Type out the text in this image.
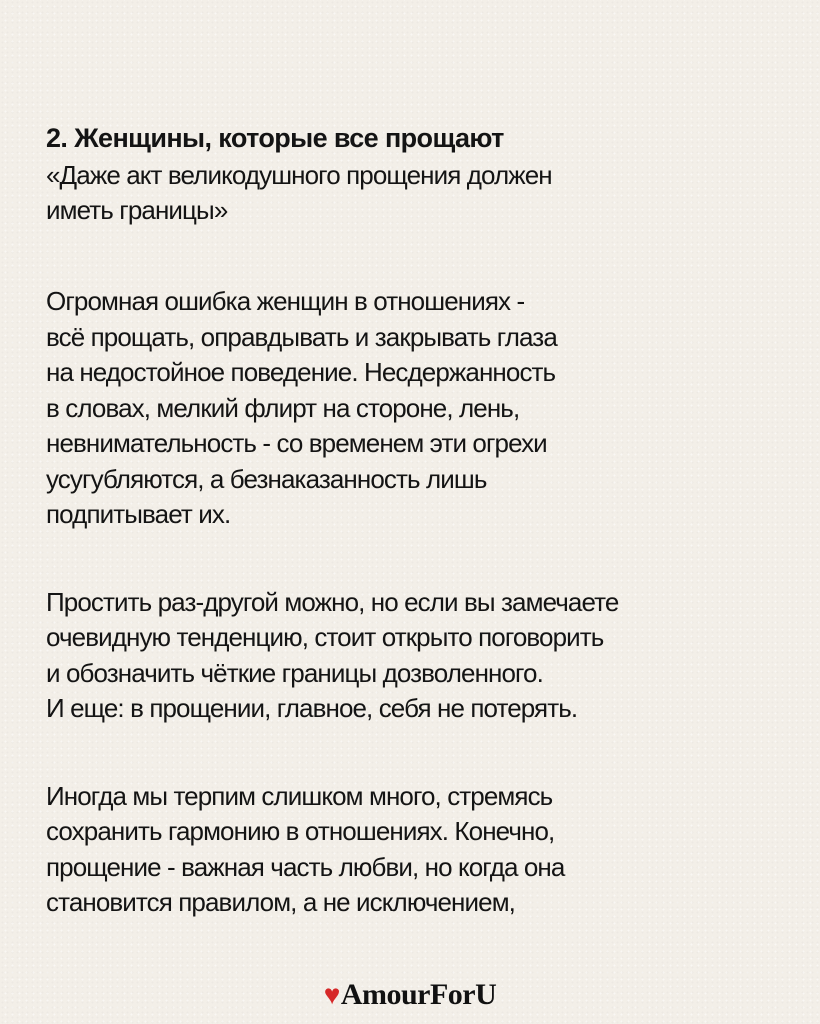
2. Женщины, которые все прощают

«Даже акт великодушного прощения должен
иметь границы»

Огромная ошибка женщин в отношениях -
всё прощать, оправдывать и закрывать глаза
на недостойное поведение. Несдержанность
в словах, мелкий флирт на стороне, лень,
невнимательность - со временем эти огрехи
усугубляются, а безнаказанность лишь
подпитывает их.

Простить раз-другой можно, но если вы замечаете
очевидную тенденцию, стоит открыто поговорить
и обозначить чёткие границы дозволенного.
И еще: в прощении, главное, себя не потерять.

Иногда мы терпим слишком много, стремясь
сохранить гармонию в отношениях. Конечно,
прощение - важная часть любви, но когда она
становится правилом, а не исключением,

♥AmourForU
